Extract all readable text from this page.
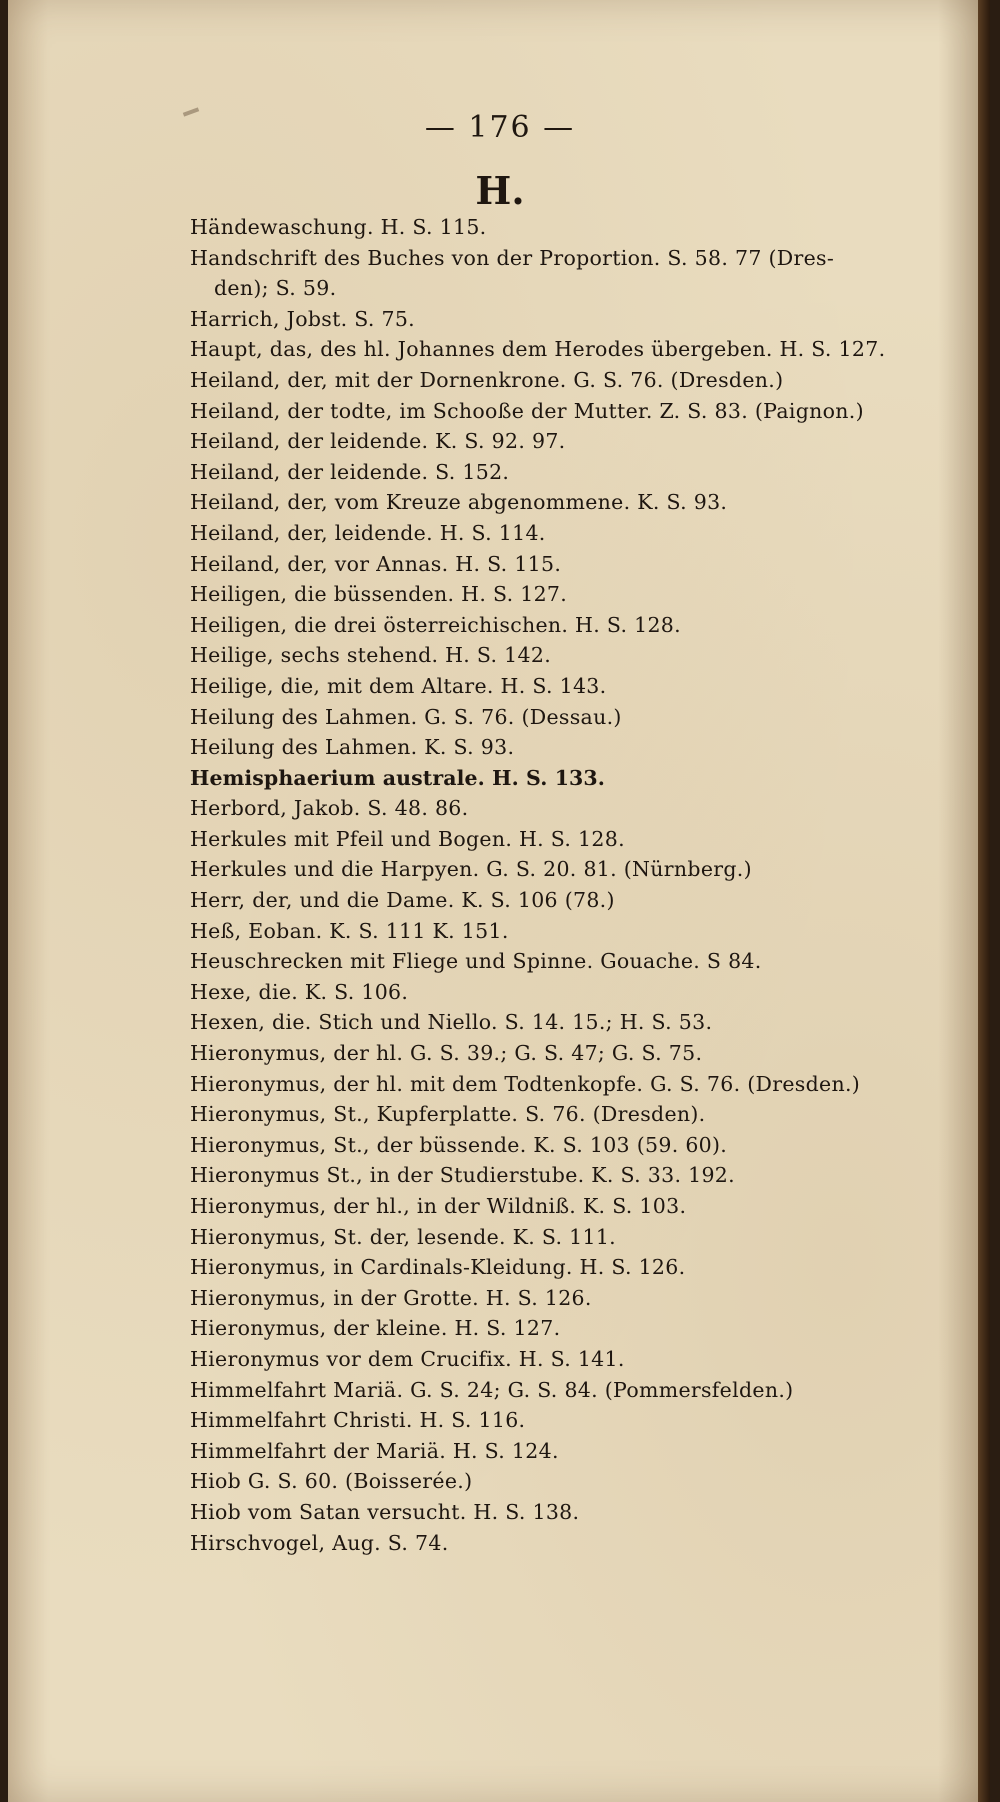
— 176 —
H.
Händewaschung. H. S. 115.
Handschrift des Buches von der Proportion. S. 58. 77 (Dres-
den); S. 59.
Harrich, Jobst. S. 75.
Haupt, das, des hl. Johannes dem Herodes übergeben. H. S. 127.
Heiland, der, mit der Dornenkrone. G. S. 76. (Dresden.)
Heiland, der todte, im Schooße der Mutter. Z. S. 83. (Paignon.)
Heiland, der leidende. K. S. 92. 97.
Heiland, der leidende. S. 152.
Heiland, der, vom Kreuze abgenommene. K. S. 93.
Heiland, der, leidende. H. S. 114.
Heiland, der, vor Annas. H. S. 115.
Heiligen, die büssenden. H. S. 127.
Heiligen, die drei österreichischen. H. S. 128.
Heilige, sechs stehend. H. S. 142.
Heilige, die, mit dem Altare. H. S. 143.
Heilung des Lahmen. G. S. 76. (Dessau.)
Heilung des Lahmen. K. S. 93.
Hemisphaerium australe. H. S. 133.
Herbord, Jakob. S. 48. 86.
Herkules mit Pfeil und Bogen. H. S. 128.
Herkules und die Harpyen. G. S. 20. 81. (Nürnberg.)
Herr, der, und die Dame. K. S. 106 (78.)
Heß, Eoban. K. S. 111 K. 151.
Heuschrecken mit Fliege und Spinne. Gouache. S 84.
Hexe, die. K. S. 106.
Hexen, die. Stich und Niello. S. 14. 15.; H. S. 53.
Hieronymus, der hl. G. S. 39.; G. S. 47; G. S. 75.
Hieronymus, der hl. mit dem Todtenkopfe. G. S. 76. (Dresden.)
Hieronymus, St., Kupferplatte. S. 76. (Dresden).
Hieronymus, St., der büssende. K. S. 103 (59. 60).
Hieronymus St., in der Studierstube. K. S. 33. 192.
Hieronymus, der hl., in der Wildniß. K. S. 103.
Hieronymus, St. der, lesende. K. S. 111.
Hieronymus, in Cardinals-Kleidung. H. S. 126.
Hieronymus, in der Grotte. H. S. 126.
Hieronymus, der kleine. H. S. 127.
Hieronymus vor dem Crucifix. H. S. 141.
Himmelfahrt Mariä. G. S. 24; G. S. 84. (Pommersfelden.)
Himmelfahrt Christi. H. S. 116.
Himmelfahrt der Mariä. H. S. 124.
Hiob G. S. 60. (Boisserée.)
Hiob vom Satan versucht. H. S. 138.
Hirschvogel, Aug. S. 74.
